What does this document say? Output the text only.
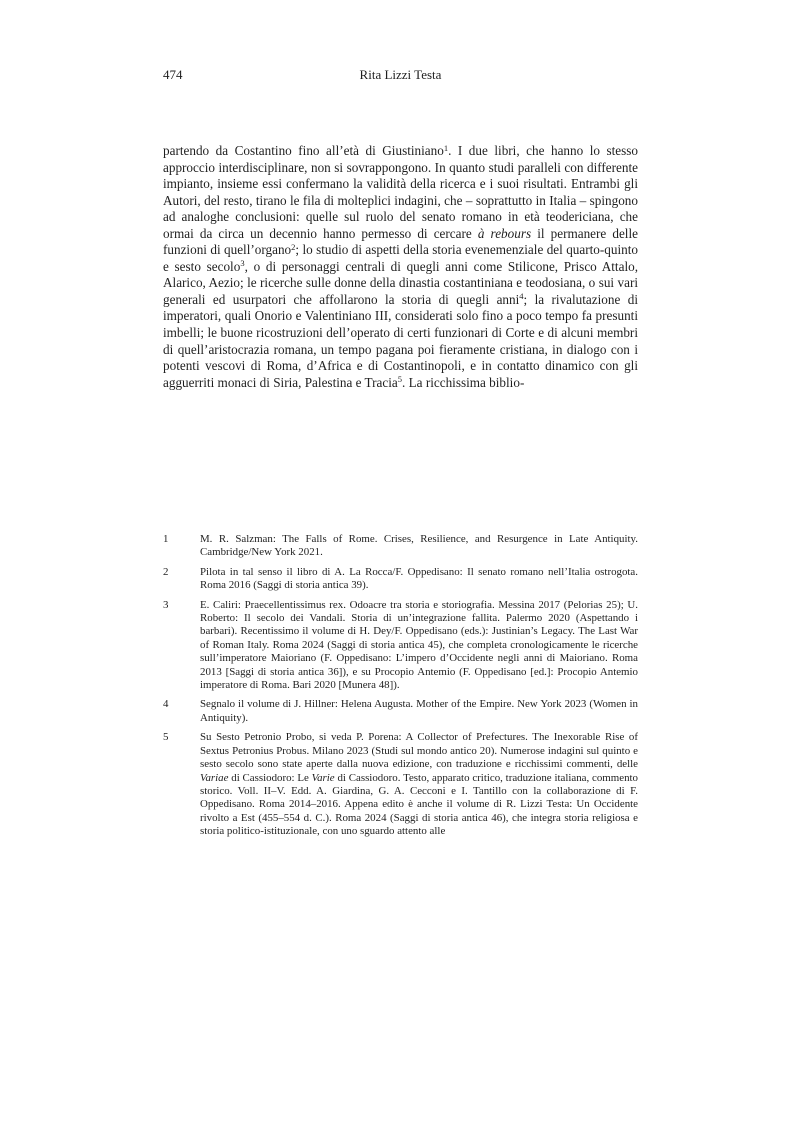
474	Rita Lizzi Testa

partendo da Costantino fino all’età di Giustiniano$^1$. I due libri, che hanno lo stesso approccio interdisciplinare, non si sovrappongono. In quanto studi paralleli con differente impianto, insieme essi confermano la validità della ricerca e i suoi risultati. Entrambi gli Autori, del resto, tirano le fila di molteplici indagini, che – soprattutto in Italia – spingono ad analoghe conclusioni: quelle sul ruolo del senato romano in età teodericiana, che ormai da circa un decennio hanno permesso di cercare à rebours il permanere delle funzioni di quell’organo$^2$; lo studio di aspetti della storia evenemenziale del quarto-quinto e sesto secolo$^3$, o di personaggi centrali di quegli anni come Stilicone, Prisco Attalo, Alarico, Aezio; le ricerche sulle donne della dinastia costantiniana e teodosiana, o sui vari generali ed usurpatori che affollarono la storia di quegli anni$^4$; la rivalutazione di imperatori, quali Onorio e Valentiniano III, considerati solo fino a poco tempo fa presunti imbelli; le buone ricostruzioni dell’operato di certi funzionari di Corte e di alcuni membri di quell’aristocrazia romana, un tempo pagana poi fieramente cristiana, in dialogo con i potenti vescovi di Roma, d’Africa e di Costantinopoli, e in contatto dinamico con gli agguerriti monaci di Siria, Palestina e Tracia$^5$. La ricchissima biblio-

1	M. R. Salzman: The Falls of Rome. Crises, Resilience, and Resurgence in Late Antiquity. Cambridge/New York 2021.
2	Pilota in tal senso il libro di A. La Rocca/F. Oppedisano: Il senato romano nell’Italia ostrogota. Roma 2016 (Saggi di storia antica 39).
3	E. Caliri: Praecellentissimus rex. Odoacre tra storia e storiografia. Messina 2017 (Pelorias 25); U. Roberto: Il secolo dei Vandali. Storia di un’integrazione fallita. Palermo 2020 (Aspettando i barbari). Recentissimo il volume di H. Dey/F. Oppedisano (eds.): Justinian’s Legacy. The Last War of Roman Italy. Roma 2024 (Saggi di storia antica 45), che completa cronologicamente le ricerche sull’imperatore Maioriano (F. Oppedisano: L’impero d’Occidente negli anni di Maioriano. Roma 2013 [Saggi di storia antica 36]), e su Procopio Antemio (F. Oppedisano [ed.]: Procopio Antemio imperatore di Roma. Bari 2020 [Munera 48]).
4	Segnalo il volume di J. Hillner: Helena Augusta. Mother of the Empire. New York 2023 (Women in Antiquity).
5	Su Sesto Petronio Probo, si veda P. Porena: A Collector of Prefectures. The Inexorable Rise of Sextus Petronius Probus. Milano 2023 (Studi sul mondo antico 20). Numerose indagini sul quinto e sesto secolo sono state aperte dalla nuova edizione, con traduzione e ricchissimi commenti, delle Variae di Cassiodoro: Le Varie di Cassiodoro. Testo, apparato critico, traduzione italiana, commento storico. Voll. II–V. Edd. A. Giardina, G. A. Cecconi e I. Tantillo con la collaborazione di F. Oppedisano. Roma 2014–2016. Appena edito è anche il volume di R. Lizzi Testa: Un Occidente rivolto a Est (455–554 d. C.). Roma 2024 (Saggi di storia antica 46), che integra storia religiosa e storia politico-istituzionale, con uno sguardo attento alle
